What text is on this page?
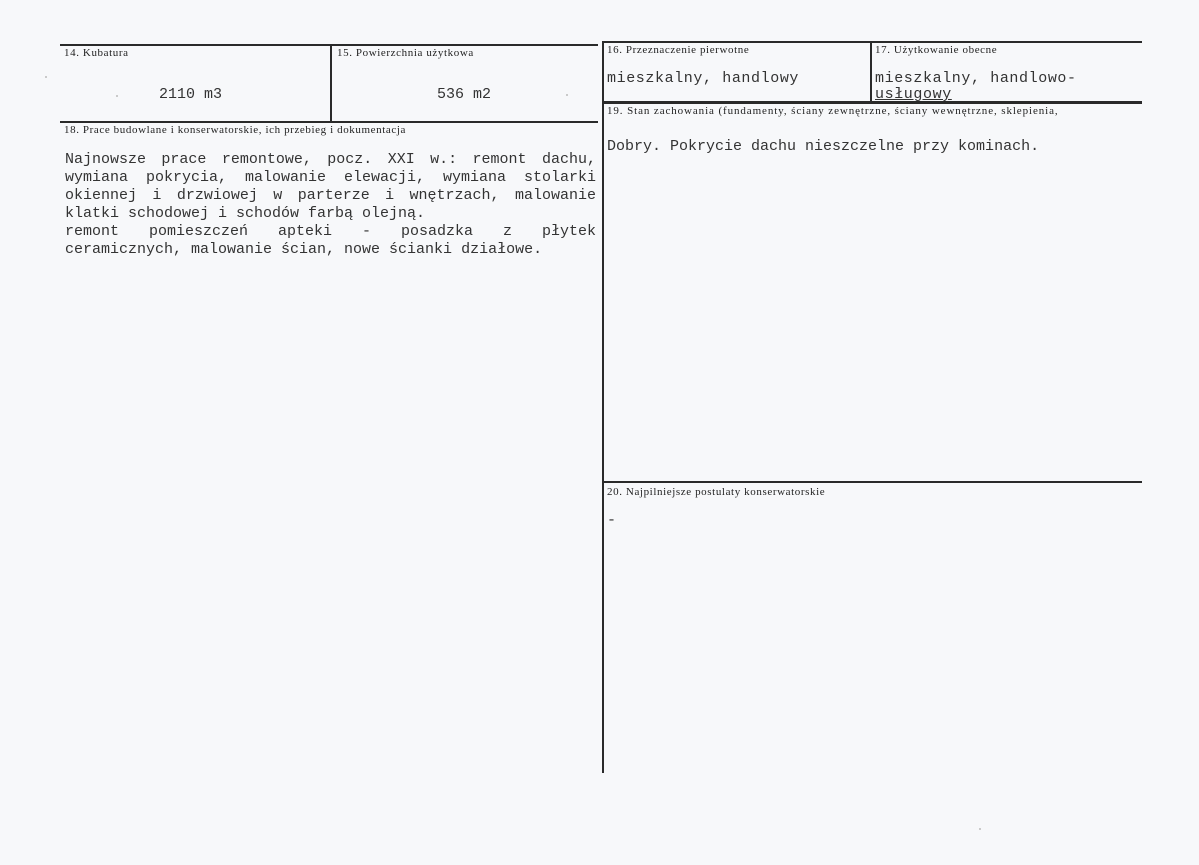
14. Kubatura
2110 m3
15. Powierzchnia użytkowa
536 m2
16. Przeznaczenie pierwotne
mieszkalny, handlowy
17. Użytkowanie obecne
mieszkalny, handlowo-
usługowy
18. Prace budowlane i konserwatorskie, ich przebieg i dokumentacja
Najnowsze prace remontowe, pocz. XXI w.: remont dachu,
wymiana pokrycia, malowanie elewacji, wymiana stolarki
okiennej i drzwiowej w parterze i wnętrzach, malowanie
klatki schodowej i schodów farbą olejną.
remont pomieszczeń apteki - posadzka z płytek
ceramicznych, malowanie ścian, nowe ścianki działowe.
19. Stan zachowania (fundamenty, ściany zewnętrzne, ściany wewnętrzne, sklepienia,
Dobry. Pokrycie dachu nieszczelne przy kominach.
20. Najpilniejsze postulaty konserwatorskie
-
